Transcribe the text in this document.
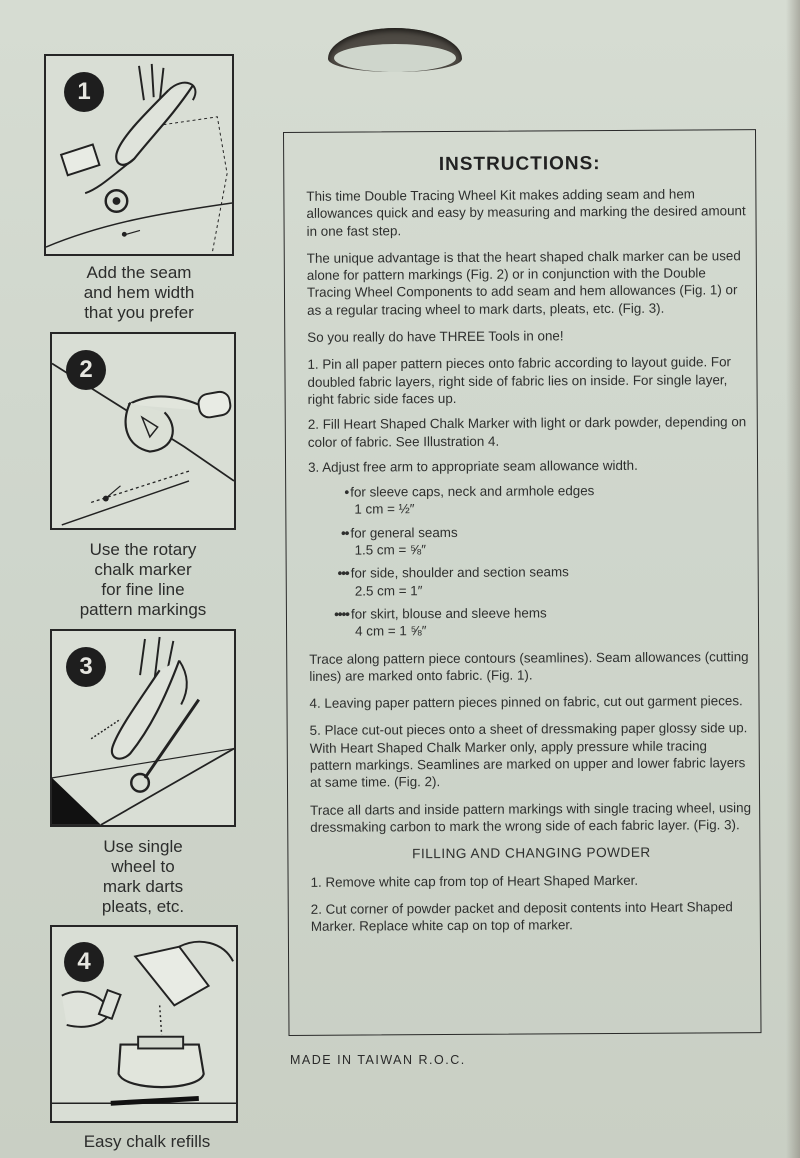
1
Add the seam
and hem width
that you prefer
2
Use the rotary
chalk marker
for fine line
pattern markings
3
Use single
wheel to
mark darts
pleats, etc.
4
Easy chalk refills
INSTRUCTIONS:

This time Double Tracing Wheel Kit makes adding seam and hem allowances quick and easy by measuring and marking the desired amount in one fast step.

The unique advantage is that the heart shaped chalk marker can be used alone for pattern markings (Fig. 2) or in conjunction with the Double Tracing Wheel Components to add seam and hem allowances (Fig. 1) or as a regular tracing wheel to mark darts, pleats, etc. (Fig. 3).

So you really do have THREE Tools in one!

1. Pin all paper pattern pieces onto fabric according to layout guide. For doubled fabric layers, right side of fabric lies on inside. For single layer, right fabric side faces up.

2. Fill Heart Shaped Chalk Marker with light or dark powder, depending on color of fabric. See Illustration 4.

3. Adjust free arm to appropriate seam allowance width.

• for sleeve caps, neck and armhole edges
1 cm = ½″
•• for general seams
1.5 cm = ⅝″
••• for side, shoulder and section seams
2.5 cm = 1″
•••• for skirt, blouse and sleeve hems
4 cm = 1 ⅝″

Trace along pattern piece contours (seamlines). Seam allowances (cutting lines) are marked onto fabric. (Fig. 1).

4. Leaving paper pattern pieces pinned on fabric, cut out garment pieces.

5. Place cut-out pieces onto a sheet of dressmaking paper glossy side up. With Heart Shaped Chalk Marker only, apply pressure while tracing pattern markings. Seamlines are marked on upper and lower fabric layers at same time. (Fig. 2).

Trace all darts and inside pattern markings with single tracing wheel, using dressmaking carbon to mark the wrong side of each fabric layer. (Fig. 3).

FILLING AND CHANGING POWDER

1. Remove white cap from top of Heart Shaped Marker.

2. Cut corner of powder packet and deposit contents into Heart Shaped Marker. Replace white cap on top of marker.

MADE IN TAIWAN R.O.C.
